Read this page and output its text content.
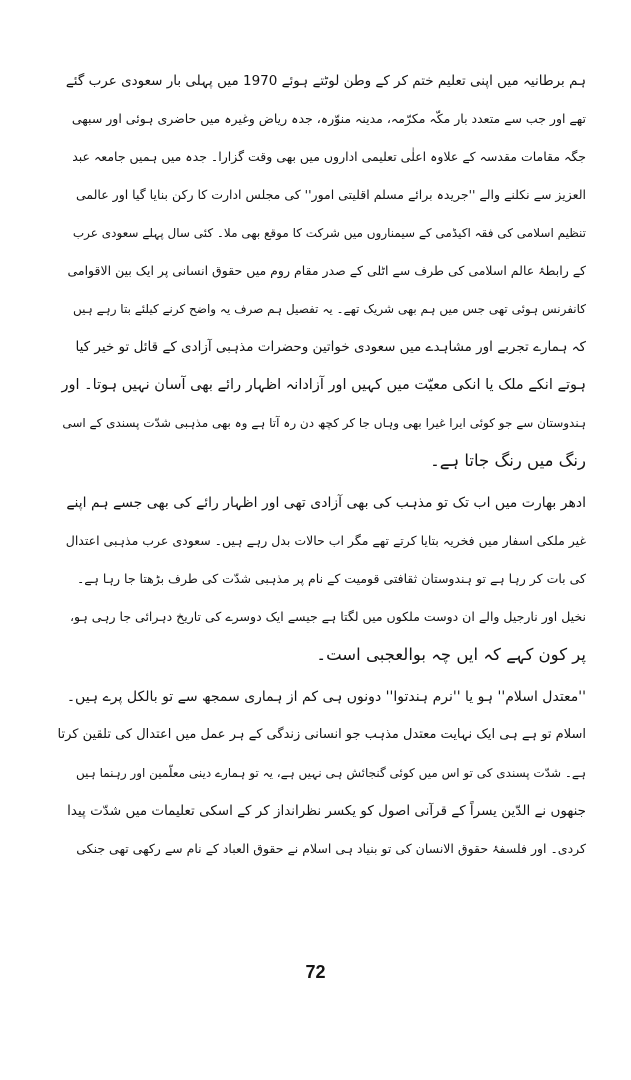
ہم برطانیہ میں اپنی تعلیم ختم کر کے وطن لوٹتے ہوئے 1970 میں پہلی بار سعودی عرب گئے
تھے اور جب سے متعدد بار مکّہ مکرّمہ، مدینہ منوّرہ، جدہ ریاض وغیرہ میں حاضری ہوئی اور سبھی
جگہ مقامات مقدسہ کے علاوہ اعلٰی تعلیمی اداروں میں بھی وقت گزارا۔ جدہ میں ہمیں جامعہ عبد
العزیز سے نکلنے والے ''جریدہ برائے مسلم اقلیتی امور'' کی مجلس ادارت کا رکن بنایا گیا اور عالمی
تنظیم اسلامی کی فقہ اکیڈمی کے سیمناروں میں شرکت کا موقع بھی ملا۔ کئی سال پہلے سعودی عرب
کے رابطۂ عالم اسلامی کی طرف سے اٹلی کے صدر مقام روم میں حقوق انسانی پر ایک بین الاقوامی
کانفرنس ہوئی تھی جس میں ہم بھی شریک تھے۔ یہ تفصیل ہم صرف یہ واضح کرنے کیلئے بتا رہے ہیں
کہ ہمارے تجربے اور مشاہدے میں سعودی خواتین وحضرات مذہبی آزادی کے قائل تو خیر کیا
ہوتے انکے ملک یا انکی معیّت میں کہیں اور آزادانہ اظہار رائے بھی آسان نہیں ہوتا۔ اور
ہندوستان سے جو کوئی ایرا غیرا بھی وہاں جا کر کچھ دن رہ آتا ہے وہ بھی مذہبی شدّت پسندی کے اسی
رنگ میں رنگ جاتا ہے۔
ادھر بھارت میں اب تک تو مذہب کی بھی آزادی تھی اور اظہار رائے کی بھی جسے ہم اپنے
غیر ملکی اسفار میں فخریہ بتایا کرتے تھے مگر اب حالات بدل رہے ہیں۔ سعودی عرب مذہبی اعتدال
کی بات کر رہا ہے تو ہندوستان ثقافتی قومیت کے نام پر مذہبی شدّت کی طرف بڑھتا جا رہا ہے۔
نخیل اور نارجیل والے ان دوست ملکوں میں لگتا ہے جیسے ایک دوسرے کی تاریخ دہرائی جا رہی ہو،
پر کون کہے کہ ایں چہ بوالعجبی است۔
''معتدل اسلام'' ہو یا ''نرم ہندتوا'' دونوں ہی کم از ہماری سمجھ سے تو بالکل پرے ہیں۔
اسلام تو ہے ہی ایک نہایت معتدل مذہب جو انسانی زندگی کے ہر عمل میں اعتدال کی تلقین کرتا
ہے۔ شدّت پسندی کی تو اس میں کوئی گنجائش ہی نہیں ہے، یہ تو ہمارے دینی معلّمین اور رہنما ہیں
جنھوں نے الدّین یسراً کے قرآنی اصول کو یکسر نظرانداز کر کے اسکی تعلیمات میں شدّت پیدا
کردی۔ اور فلسفۂ حقوق الانسان کی تو بنیاد ہی اسلام نے حقوق العباد کے نام سے رکھی تھی جنکی
72
